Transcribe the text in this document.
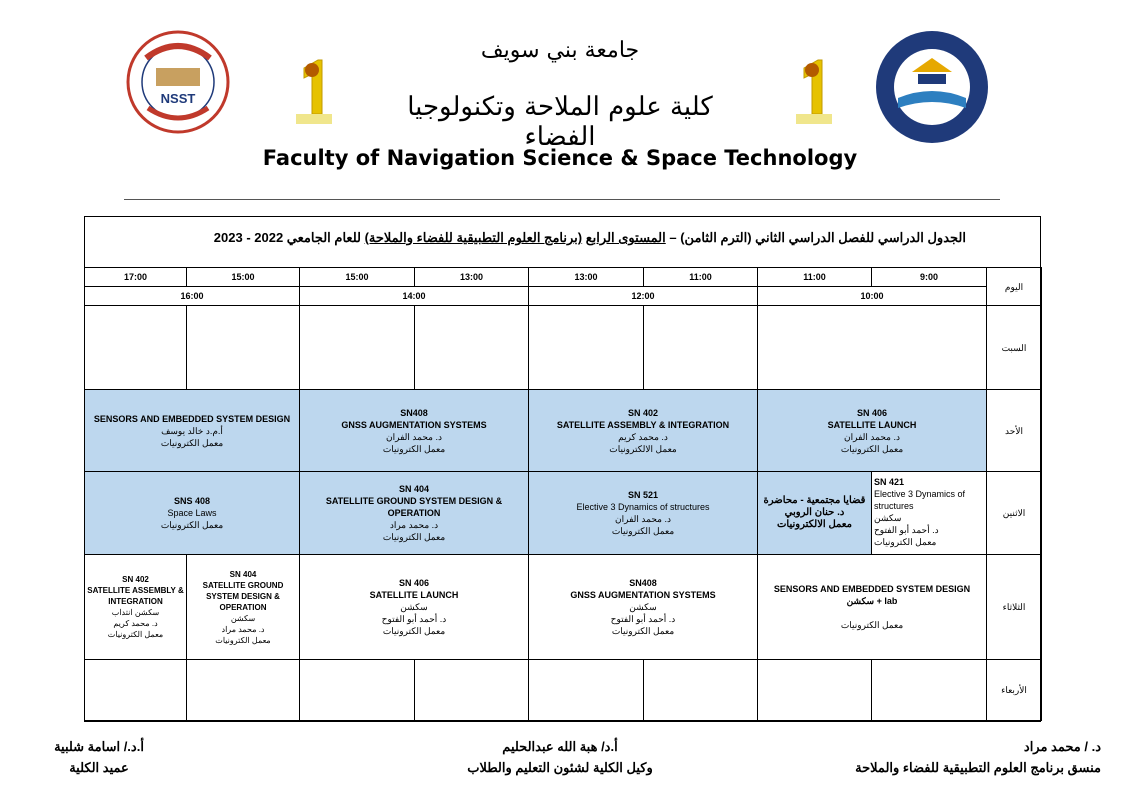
NSST
جامعة بني سويف
كلية علوم الملاحة وتكنولوجيا الفضاء
Faculty of Navigation Science & Space Technology
الجدول الدراسي للفصل الدراسي الثاني (الترم الثامن) – المستوى الرابع (برنامج العلوم التطبيقية للفضاء والملاحة) للعام الجامعي 2022 - 2023
17:00	15:00	15:00	13:00	13:00	11:00	11:00	9:00	اليوم
16:00		14:00		12:00		10:00		
								السبت

SENSORS AND EMBEDDED SYSTEM DESIGN
أ.م.د خالد يوسف
معمل الكترونيات		SN408
GNSS AUGMENTATION SYSTEMS
د. محمد الفران
معمل الكترونيات		SN 402
SATELLITE ASSEMBLY & INTEGRATION
د. محمد كريم
معمل الالكترونيات		SN 406
SATELLITE LAUNCH
د. محمد الفران
معمل الكترونيات		الأحد

SNS 408
Space Laws
معمل الكترونيات		SN 404
SATELLITE GROUND SYSTEM DESIGN & OPERATION
د. محمد مراد
معمل الكترونيات		SN 521
Elective 3 Dynamics of structures
د. محمد الفران
معمل الكترونيات		قضايا مجتمعية - محاضرة
د. حنان الروبي
معمل الالكترونيات	SN 421
Elective 3 Dynamics of structures
سكشن
د. أحمد أبو الفتوح
معمل الكترونيات	الاثنين

SN 402
SATELLITE ASSEMBLY & INTEGRATION
سكشن انتداب
د. محمد كريم
معمل الكترونيات	SN 404
SATELLITE GROUND SYSTEM DESIGN & OPERATION
سكشن
د. محمد مراد
معمل الكترونيات	SN 406
SATELLITE LAUNCH
سكشن
د. أحمد أبو الفتوح
معمل الكترونيات		SN408
GNSS AUGMENTATION SYSTEMS
سكشن
د. أحمد أبو الفتوح
معمل الكترونيات		SENSORS AND EMBEDDED SYSTEM DESIGN
سكشن + lab

معمل الكترونيات		الثلاثاء
								الأربعاء
د. / محمد مراد
منسق برنامج العلوم التطبيقية للفضاء والملاحة
أ.د/ هبة الله عبدالحليم
وكيل الكلية لشئون التعليم والطلاب
أ.د./ اسامة شلبية
عميد الكلية
